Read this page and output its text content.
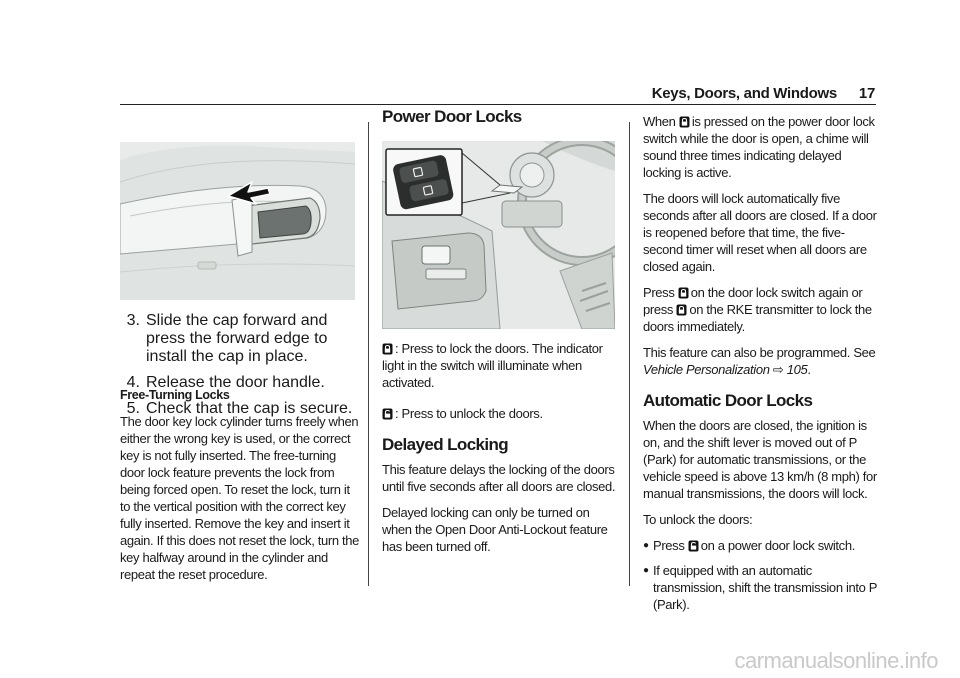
Keys, Doors, and Windows 17
3. Slide the cap forward and press the forward edge to install the cap in place.
4. Release the door handle.
5. Check that the cap is secure.

Free-Turning Locks

The door key lock cylinder turns freely when either the wrong key is used, or the correct key is not fully inserted. The free-turning door lock feature prevents the lock from being forced open. To reset the lock, turn it to the vertical position with the correct key fully inserted. Remove the key and insert it again. If this does not reset the lock, turn the key halfway around in the cylinder and repeat the reset procedure.

Power Door Locks

: Press to lock the doors. The indicator light in the switch will illuminate when activated.

: Press to unlock the doors.

Delayed Locking

This feature delays the locking of the doors until five seconds after all doors are closed.

Delayed locking can only be turned on when the Open Door Anti-Lockout feature has been turned off.

When is pressed on the power door lock switch while the door is open, a chime will sound three times indicating delayed locking is active.

The doors will lock automatically five seconds after all doors are closed. If a door is reopened before that time, the five-second timer will reset when all doors are closed again.

Press on the door lock switch again or press on the RKE transmitter to lock the doors immediately.

This feature can also be programmed. See Vehicle Personalization ⇨ 105.

Automatic Door Locks

When the doors are closed, the ignition is on, and the shift lever is moved out of P (Park) for automatic transmissions, or the vehicle speed is above 13 km/h (8 mph) for manual transmissions, the doors will lock.

To unlock the doors:

● Press on a power door lock switch.
● If equipped with an automatic transmission, shift the transmission into P (Park).
carmanualsonline.info
